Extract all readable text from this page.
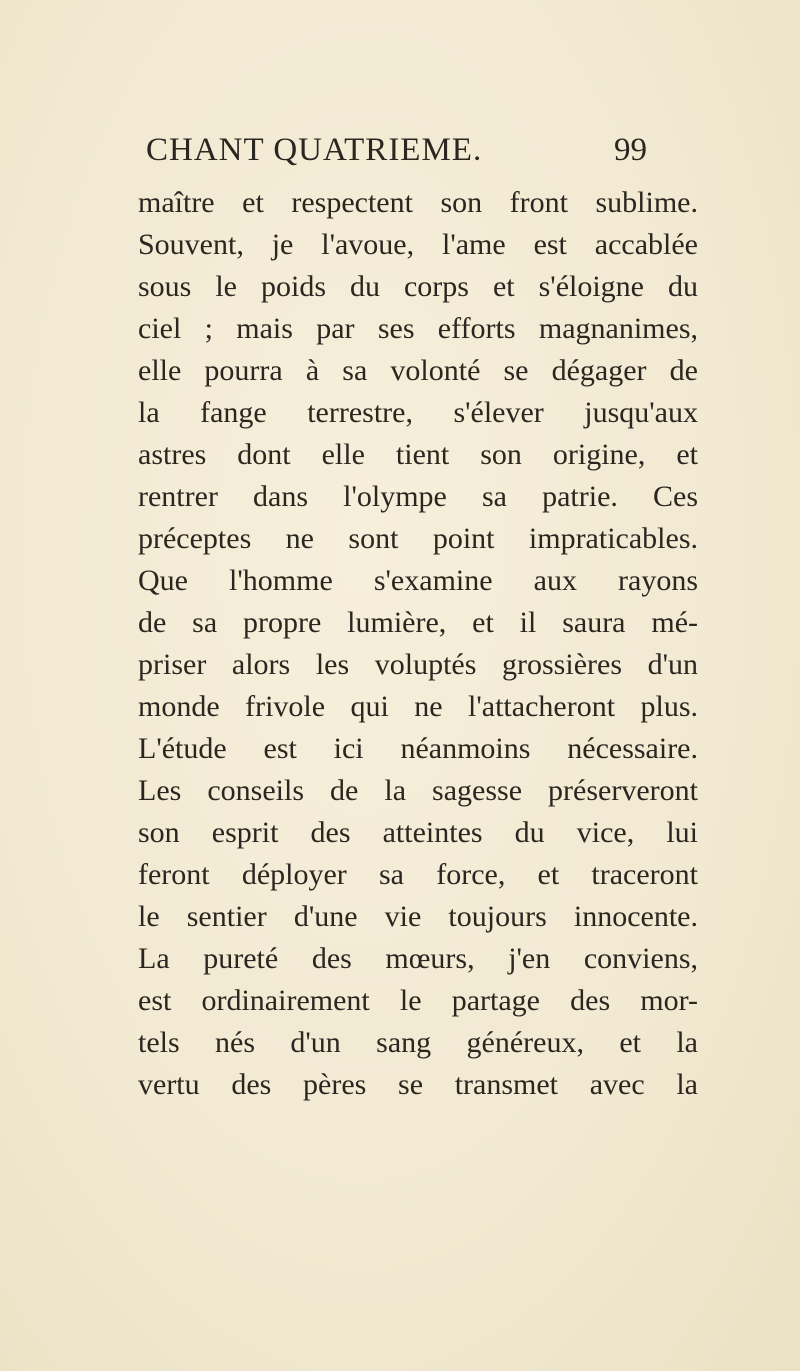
CHANT QUATRIEME.	99
maître et respectent son front sublime.
Souvent, je l'avoue, l'ame est accablée
sous le poids du corps et s'éloigne du
ciel ; mais par ses efforts magnanimes,
elle pourra à sa volonté se dégager de
la fange terrestre, s'élever jusqu'aux
astres dont elle tient son origine, et
rentrer dans l'olympe sa patrie. Ces
préceptes ne sont point impraticables.
Que l'homme s'examine aux rayons
de sa propre lumière, et il saura mé-
priser alors les voluptés grossières d'un
monde frivole qui ne l'attacheront plus.
L'étude est ici néanmoins nécessaire.
Les conseils de la sagesse préserveront
son esprit des atteintes du vice, lui
feront déployer sa force, et traceront
le sentier d'une vie toujours innocente.
La pureté des mœurs, j'en conviens,
est ordinairement le partage des mor-
tels nés d'un sang généreux, et la
vertu des pères se transmet avec la
